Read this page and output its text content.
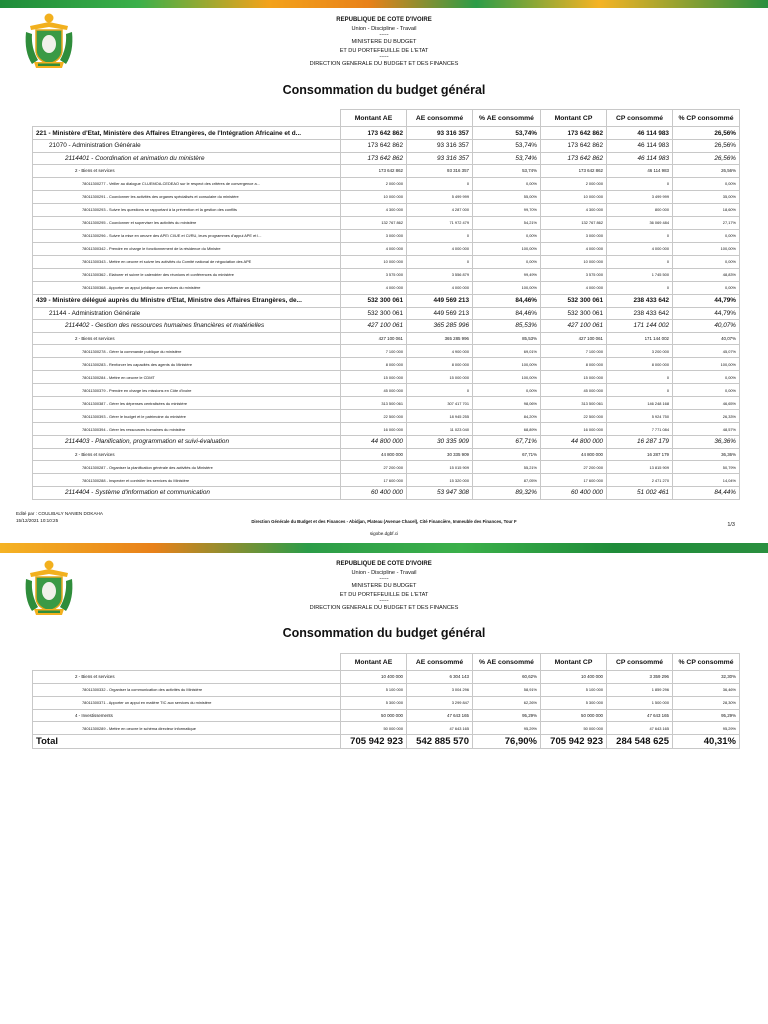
REPUBLIQUE DE COTE D'IVOIRE
Union - Discipline - Travail
-----
MINISTERE DU BUDGET
ET DU PORTEFEUILLE DE L'ETAT
-----
DIRECTION GENERALE DU BUDGET ET DES FINANCES
Consommation du budget général
	Montant AE	AE consommé	% AE consommé	Montant CP	CP consommé	% CP consommé
221 - Ministère d'Etat, Ministère des Affaires Etrangères, de l'Intégration Africaine et d...	173 642 862	93 316 357	53,74%	173 642 862	46 114 983	26,56%
21070 - Administration Générale	173 642 862	93 316 357	53,74%	173 642 862	46 114 983	26,56%
2114401 - Coordination et animation du ministère	173 642 862	93 316 357	53,74%	173 642 862	46 114 983	26,56%
2 - Biens et services	173 642 862	93 316 357	53,74%	173 642 862	46 114 983	26,56%
78011300277 - Veiller au dialogue CI-UEMOA-CEDEAO sur le respect des critères de convergence a...	2 000 000	0	0,00%	2 000 000	0	0,00%
78011300291 - Coordonner les activités des organes spécialisés et consulaire du ministère	10 000 000	5 499 999	55,00%	10 000 000	3 499 999	35,00%
78011300293 - Suivre les questions se rapportant à la prévention et la gestion des conflits	4 300 000	4 287 000	99,70%	4 300 000	800 000	18,60%
78011300295 - Coordonner et superviser les activités du ministère	132 767 862	71 972 479	54,21%	132 767 862	36 069 484	27,17%
78011300296 - Suivre la mise en oeuvre des APE\ CI/UE et CI/RU, leurs programmes d'appui APE et l...	3 000 000	0	0,00%	3 000 000	0	0,00%
78011300342 - Prendre en charge le fonctionnement de la résidence du Ministre	4 000 000	4 000 000	100,00%	4 000 000	4 000 000	100,00%
78011300343 - Mettre en oeuvre et suivre les activités du Comité national de négociation des APE	10 000 000	0	0,00%	10 000 000	0	0,00%
78011300362 - Elaborer et suivre le calendrier des réunions et conférences du ministère	3 575 000	3 556 879	99,49%	3 575 000	1 745 500	48,83%
78011300368 - Apporter un appui juridique aux services du ministère	4 000 000	4 000 000	100,00%	4 000 000	0	0,00%
439 - Ministère délégué auprès du Ministre d'Etat, Ministre des Affaires Etrangères, de...	532 300 061	449 569 213	84,46%	532 300 061	238 433 642	44,79%
21144 - Administration Générale	532 300 061	449 569 213	84,46%	532 300 061	238 433 642	44,79%
2114402 - Gestion des ressources humaines financières et matérielles	427 100 061	365 285 996	85,53%	427 100 061	171 144 002	40,07%
2 - Biens et services	427 100 061	365 285 996	85,53%	427 100 061	171 144 002	40,07%
78011300278 - Gérer la commande publique du ministère	7 100 000	4 900 000	69,01%	7 100 000	3 200 000	45,07%
78011300283 - Renforcer les capacités des agents du Ministère	8 000 000	8 000 000	100,00%	8 000 000	8 000 000	100,00%
78011300284 - Mettre en oeuvre le CDMT	15 000 000	15 000 000	100,00%	15 000 000	0	0,00%
78011300379 - Prendre en charge les missions en Côte d'ivoire	45 000 000	0	0,00%	45 000 000	0	0,00%
78011300387 - Gérer les dépenses centralisées du ministère	313 500 061	307 417 701	98,06%	313 500 061	146 248 168	46,65%
78011300393 - Gérer le budget et le patrimoine du ministère	22 500 000	18 945 255	84,20%	22 500 000	5 924 750	26,33%
78011300394 - Gérer les ressources humaines du ministère	16 000 000	11 023 040	68,89%	16 000 000	7 771 084	48,57%
2114403 - Planification, programmation et suivi-évaluation	44 800 000	30 335 909	67,71%	44 800 000	16 287 179	36,36%
2 - Biens et services	44 800 000	30 335 909	67,71%	44 800 000	16 287 179	36,36%
78011300287 - Organiser la planification générale des activités du Ministère	27 200 000	15 015 909	55,21%	27 200 000	13 815 909	50,79%
78011300288 - Inspecter et contrôler les services du Ministère	17 600 000	15 320 000	87,05%	17 600 000	2 471 270	14,04%
2114404 - Système d'information et communication	60 400 000	53 947 308	89,32%	60 400 000	51 002 461	84,44%
Edité par : COULIBALY NANIEN DOKAHA
15/12/2021 10:10:25	Direction Générale du Budget et des Finances - Abidjan, Plateau (Avenue Chacel), Cité Financière, Immeuble des Finances, Tour F
1/3
sigobe.dgbf.ci
REPUBLIQUE DE COTE D'IVOIRE
Union - Discipline - Travail
-----
MINISTERE DU BUDGET
ET DU PORTEFEUILLE DE L'ETAT
-----
DIRECTION GENERALE DU BUDGET ET DES FINANCES
Consommation du budget général
	Montant AE	AE consommé	% AE consommé	Montant CP	CP consommé	% CP consommé
2 - Biens et services	10 400 000	6 304 143	60,62%	10 400 000	3 359 296	32,30%
78011300332 - Organiser la communication des activités du Ministère	5 100 000	3 004 296	58,91%	5 100 000	1 859 296	36,46%
78011300371 - Apporter un appui en matière TIC aux services du ministère	5 300 000	3 299 847	62,26%	5 300 000	1 500 000	28,30%
4 - Investissements	50 000 000	47 643 165	95,29%	50 000 000	47 643 165	95,29%
78011300289 - Mettre en oeuvre le schéma directeur informatique	50 000 000	47 643 165	95,29%	50 000 000	47 643 165	95,29%
Total	705 942 923	542 885 570	76,90%	705 942 923	284 548 625	40,31%
